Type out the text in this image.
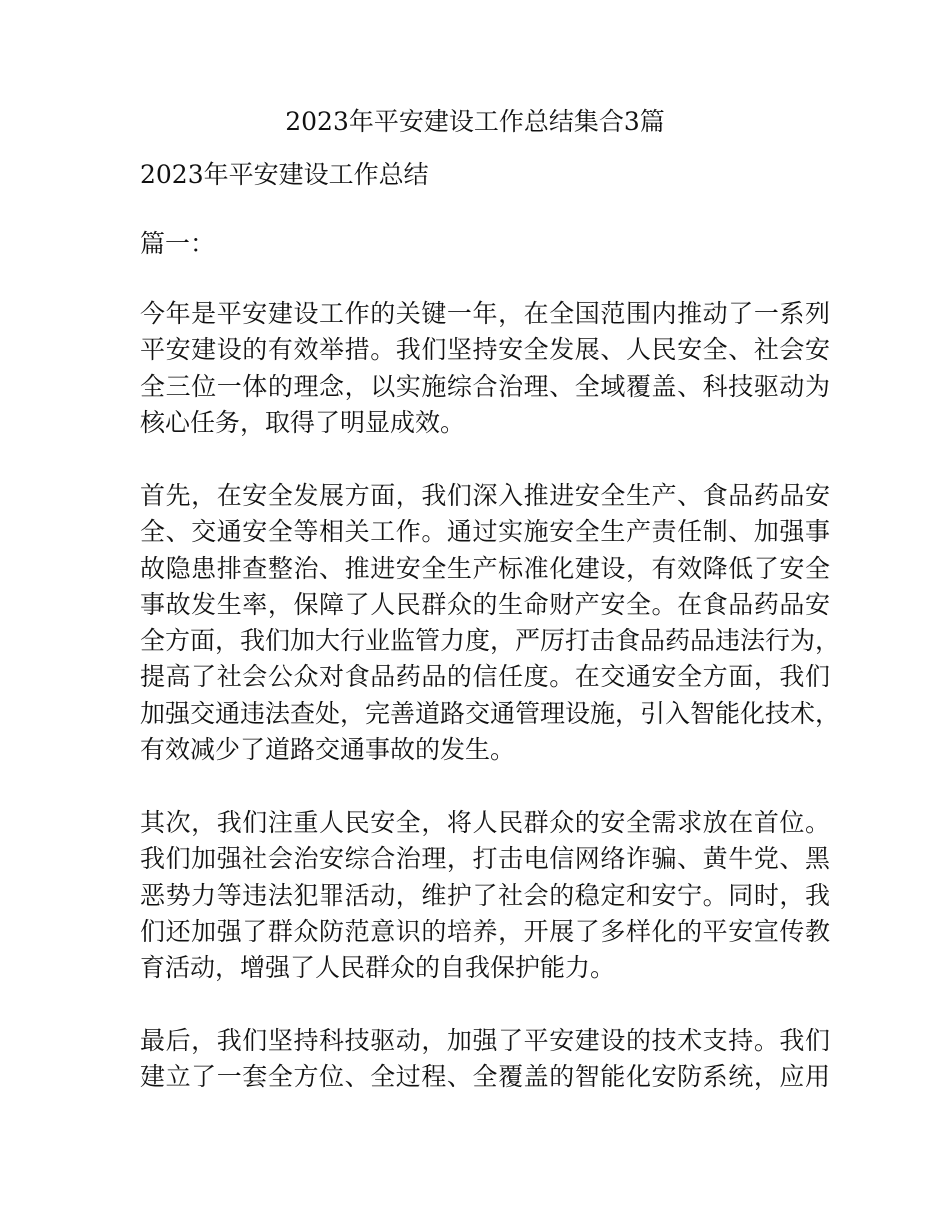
2023年平安建设工作总结集合3篇

2023年平安建设工作总结

篇一：

今年是平安建设工作的关键一年，在全国范围内推动了一系列
平安建设的有效举措。我们坚持安全发展、人民安全、社会安
全三位一体的理念，以实施综合治理、全域覆盖、科技驱动为
核心任务，取得了明显成效。
首先，在安全发展方面，我们深入推进安全生产、食品药品安
全、交通安全等相关工作。通过实施安全生产责任制、加强事
故隐患排查整治、推进安全生产标准化建设，有效降低了安全
事故发生率，保障了人民群众的生命财产安全。在食品药品安
全方面，我们加大行业监管力度，严厉打击食品药品违法行为，
提高了社会公众对食品药品的信任度。在交通安全方面，我们
加强交通违法查处，完善道路交通管理设施，引入智能化技术，
有效减少了道路交通事故的发生。
其次，我们注重人民安全，将人民群众的安全需求放在首位。
我们加强社会治安综合治理，打击电信网络诈骗、黄牛党、黑
恶势力等违法犯罪活动，维护了社会的稳定和安宁。同时，我
们还加强了群众防范意识的培养，开展了多样化的平安宣传教
育活动，增强了人民群众的自我保护能力。
最后，我们坚持科技驱动，加强了平安建设的技术支持。我们
建立了一套全方位、全过程、全覆盖的智能化安防系统，应用
